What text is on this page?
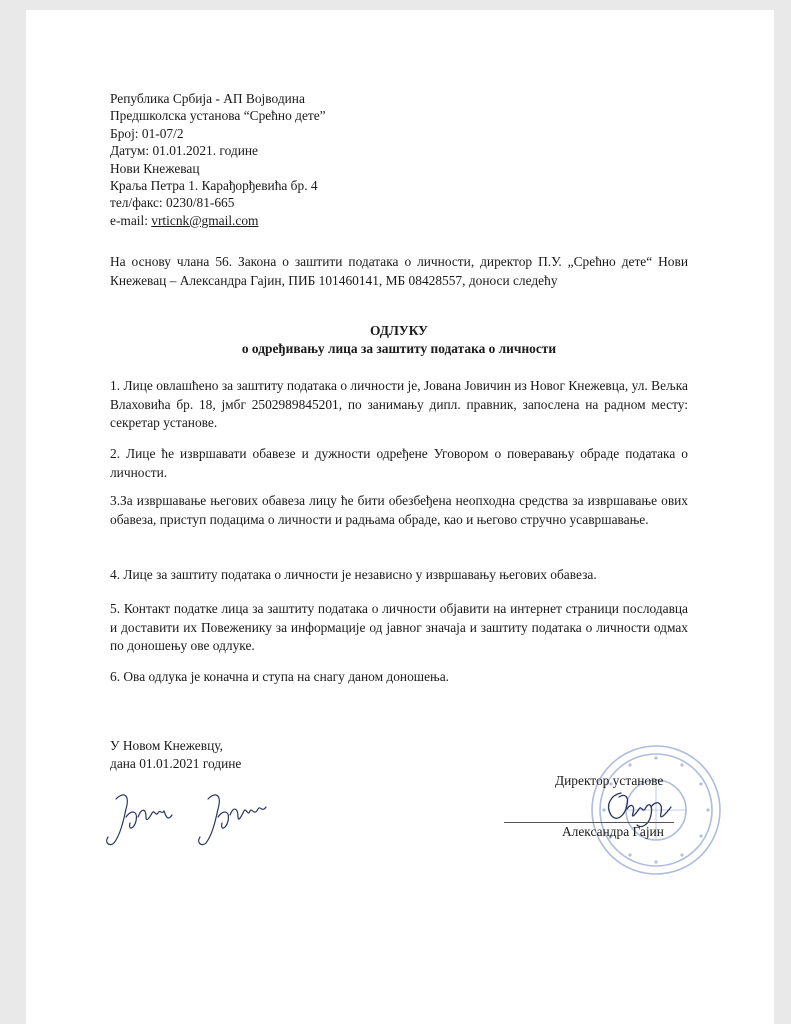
Република Србија - АП Војводина
Предшколска установа “Срећно дете”
Број: 01-07/2
Датум: 01.01.2021. године
Нови Кнежевац
Краља Петра 1. Карађорђевића бр. 4
тел/факс: 0230/81-665
e-mail: vrticnk@gmail.com
На основу члана 56. Закона о заштити података о личности, директор П.У. „Срећно дете“ Нови Кнежевац – Александра Гајин, ПИБ 101460141, МБ 08428557, доноси следећу
ОДЛУКУ
о одређивању лица за заштиту података о личности
1. Лице овлашћено за заштиту података о личности је, Јована Јовичин из Новог Кнежевца, ул. Вељка Влаховића бр. 18, јмбг 2502989845201, по занимању дипл. правник, запослена на радном месту: секретар установе.
2. Лице ће извршавати обавезе и дужности одређене Уговором о поверавању обраде података о личности.
3.За извршавање његових обавеза лицу ће бити обезбеђена неопходна средства за извршавање ових обавеза, приступ подацима о личности и радњама обраде, као и његово стручно усавршавање.
4. Лице за заштиту података о личности је независно у извршавању његових обавеза.
5. Контакт податке лица за заштиту података о личности објавити на интернет страници послодавца и доставити их Повеженику за информације од јавног значаја и заштиту података о личности одмах по доношењу ове одлуке.
6. Ова одлука је коначна и ступа на снагу даном доношења.
У Новом Кнежевцу,
дана 01.01.2021 године
Директор установе
Александра Гајин
